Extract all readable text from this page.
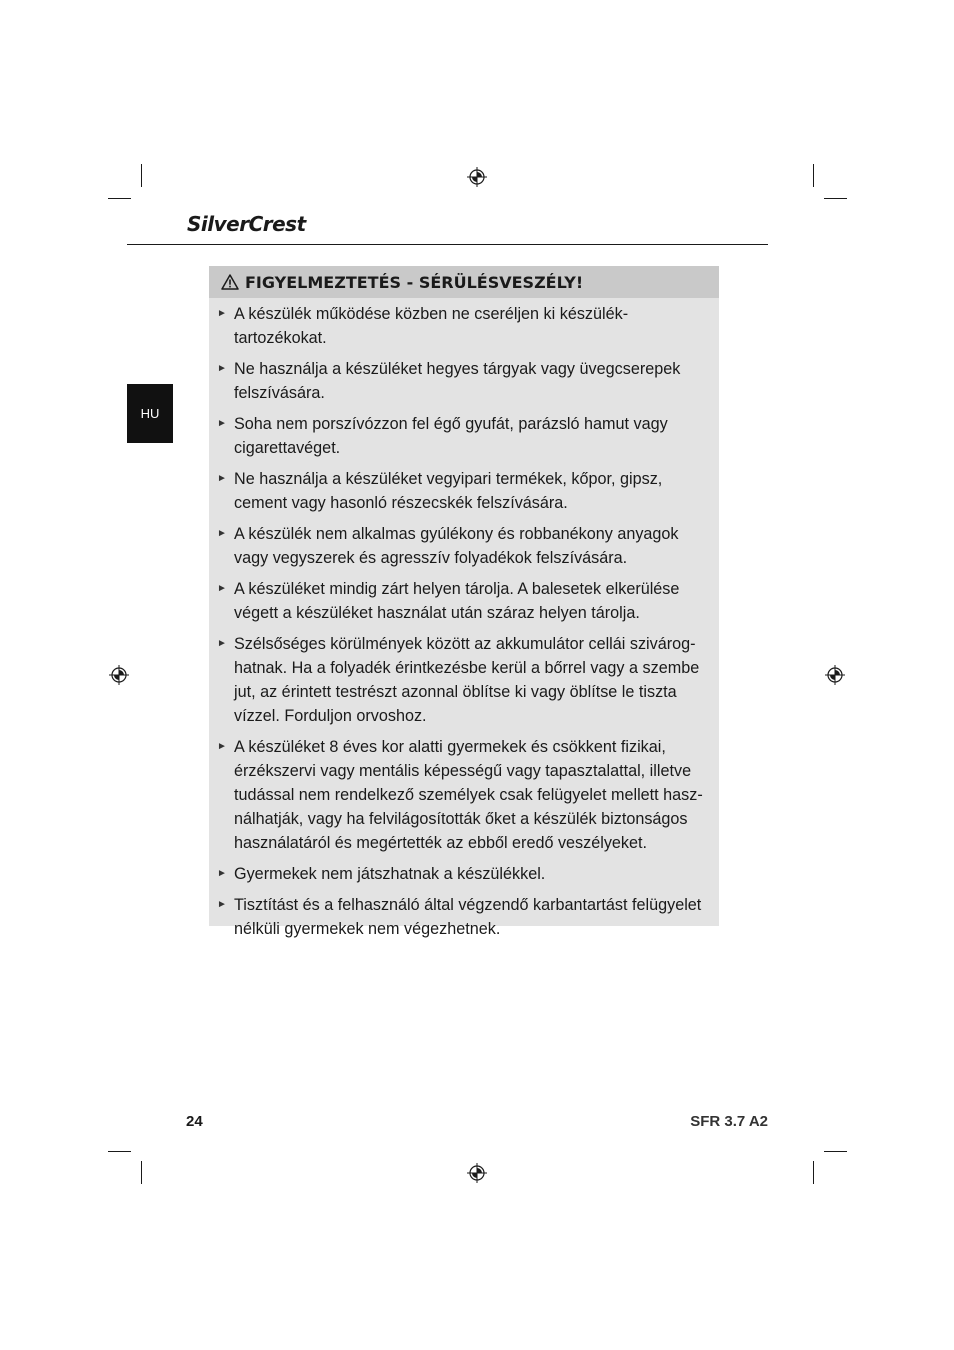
SilverCrest
HU
FIGYELMEZTETÉS - SÉRÜLÉSVESZÉLY!
► A készülék működése közben ne cseréljen ki készülék-tartozékokat.
► Ne használja a készüléket hegyes tárgyak vagy üvegcserepek felszívására.
► Soha nem porszívózzon fel égő gyufát, parázsló hamut vagy cigarettavéget.
► Ne használja a készüléket vegyipari termékek, kőpor, gipsz, cement vagy hasonló részecskék felszívására.
► A készülék nem alkalmas gyúlékony és robbanékony anyagok vagy vegyszerek és agresszív folyadékok felszívására.
► A készüléket mindig zárt helyen tárolja. A balesetek elkerülése végett a készüléket használat után száraz helyen tárolja.
► Szélsőséges körülmények között az akkumulátor cellái szivárog-hatnak. Ha a folyadék érintkezésbe kerül a bőrrel vagy a szembe jut, az érintett testrészt azonnal öblítse ki vagy öblítse le tiszta vízzel. Forduljon orvoshoz.
► A készüléket 8 éves kor alatti gyermekek és csökkent fizikai, érzékszervi vagy mentális képességű vagy tapasztalattal, illetve tudással nem rendelkező személyek csak felügyelet mellett hasz-nálhatják, vagy ha felvilágosították őket a készülék biztonságos használatáról és megértették az ebből eredő veszélyeket.
► Gyermekek nem játszhatnak a készülékkel.
► Tisztítást és a felhasználó által végzendő karbantartást felügyelet nélküli gyermekek nem végezhetnek.
24	SFR 3.7 A2
